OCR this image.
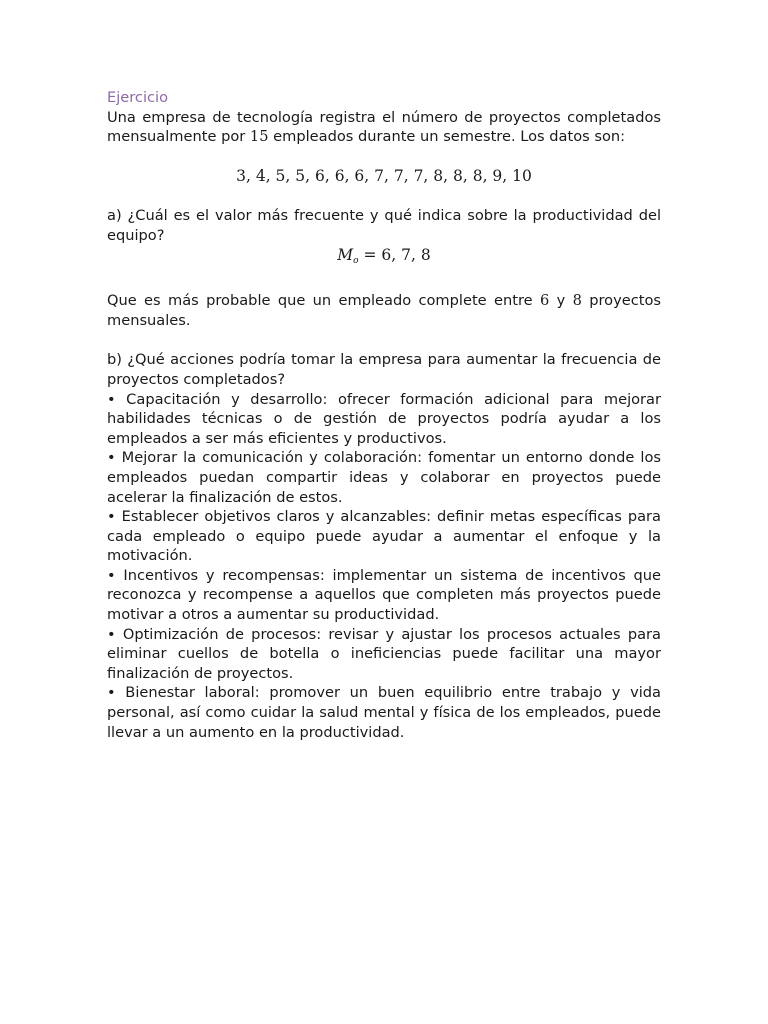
Ejercicio

Una empresa de tecnología registra el número de proyectos completados mensualmente por 15 empleados durante un semestre. Los datos son:

3, 4, 5, 5, 6, 6, 6, 7, 7, 7, 8, 8, 8, 9, 10

a) ¿Cuál es el valor más frecuente y qué indica sobre la productividad del equipo?

$M_o = 6$, 7, 8

Que es más probable que un empleado complete entre 6 y 8 proyectos mensuales.

b) ¿Qué acciones podría tomar la empresa para aumentar la frecuencia de proyectos completados?

• Capacitación y desarrollo: ofrecer formación adicional para mejorar habilidades técnicas o de gestión de proyectos podría ayudar a los empleados a ser más eficientes y productivos.

• Mejorar la comunicación y colaboración: fomentar un entorno donde los empleados puedan compartir ideas y colaborar en proyectos puede acelerar la finalización de estos.

• Establecer objetivos claros y alcanzables: definir metas específicas para cada empleado o equipo puede ayudar a aumentar el enfoque y la motivación.

• Incentivos y recompensas: implementar un sistema de incentivos que reconozca y recompense a aquellos que completen más proyectos puede motivar a otros a aumentar su productividad.

• Optimización de procesos: revisar y ajustar los procesos actuales para eliminar cuellos de botella o ineficiencias puede facilitar una mayor finalización de proyectos.

• Bienestar laboral: promover un buen equilibrio entre trabajo y vida personal, así como cuidar la salud mental y física de los empleados, puede llevar a un aumento en la productividad.
